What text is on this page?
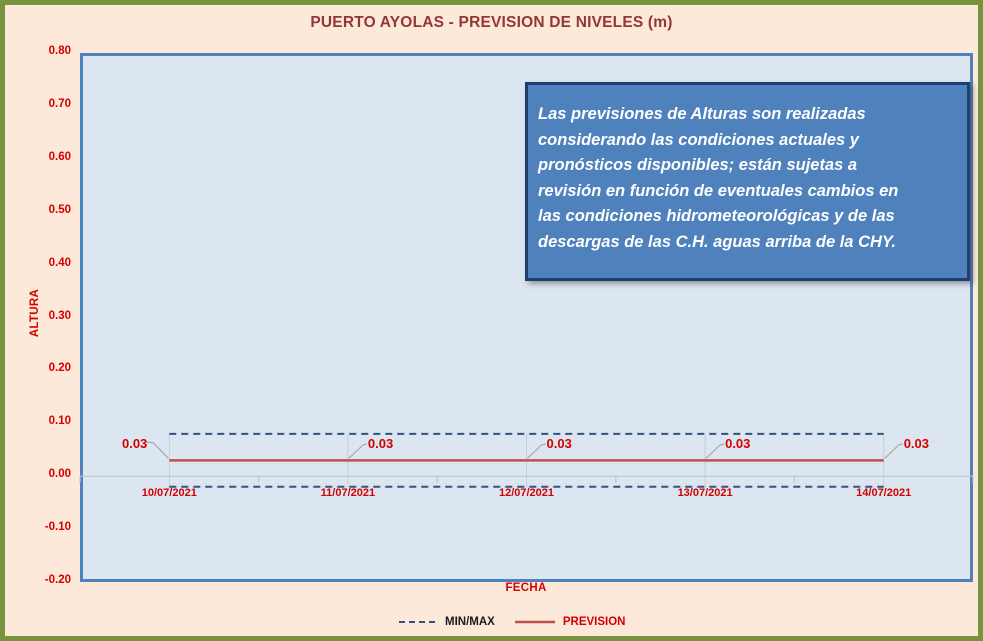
PUERTO AYOLAS - PREVISION DE NIVELES (m)
ALTURA
FECHA
0.80
0.70
0.60
0.50
0.40
0.30
0.20
0.10
0.00
-0.10
-0.20
10/07/2021	11/07/2021	12/07/2021	13/07/2021	14/07/2021
0.03	0.03	0.03	0.03	0.03
Las previsiones de Alturas son realizadas
considerando las condiciones actuales y
pronósticos disponibles; están sujetas a
revisión en función de eventuales cambios en
las condiciones hidrometeorológicas y de las
descargas de las C.H. aguas arriba de la CHY.
MIN/MAX	PREVISION
